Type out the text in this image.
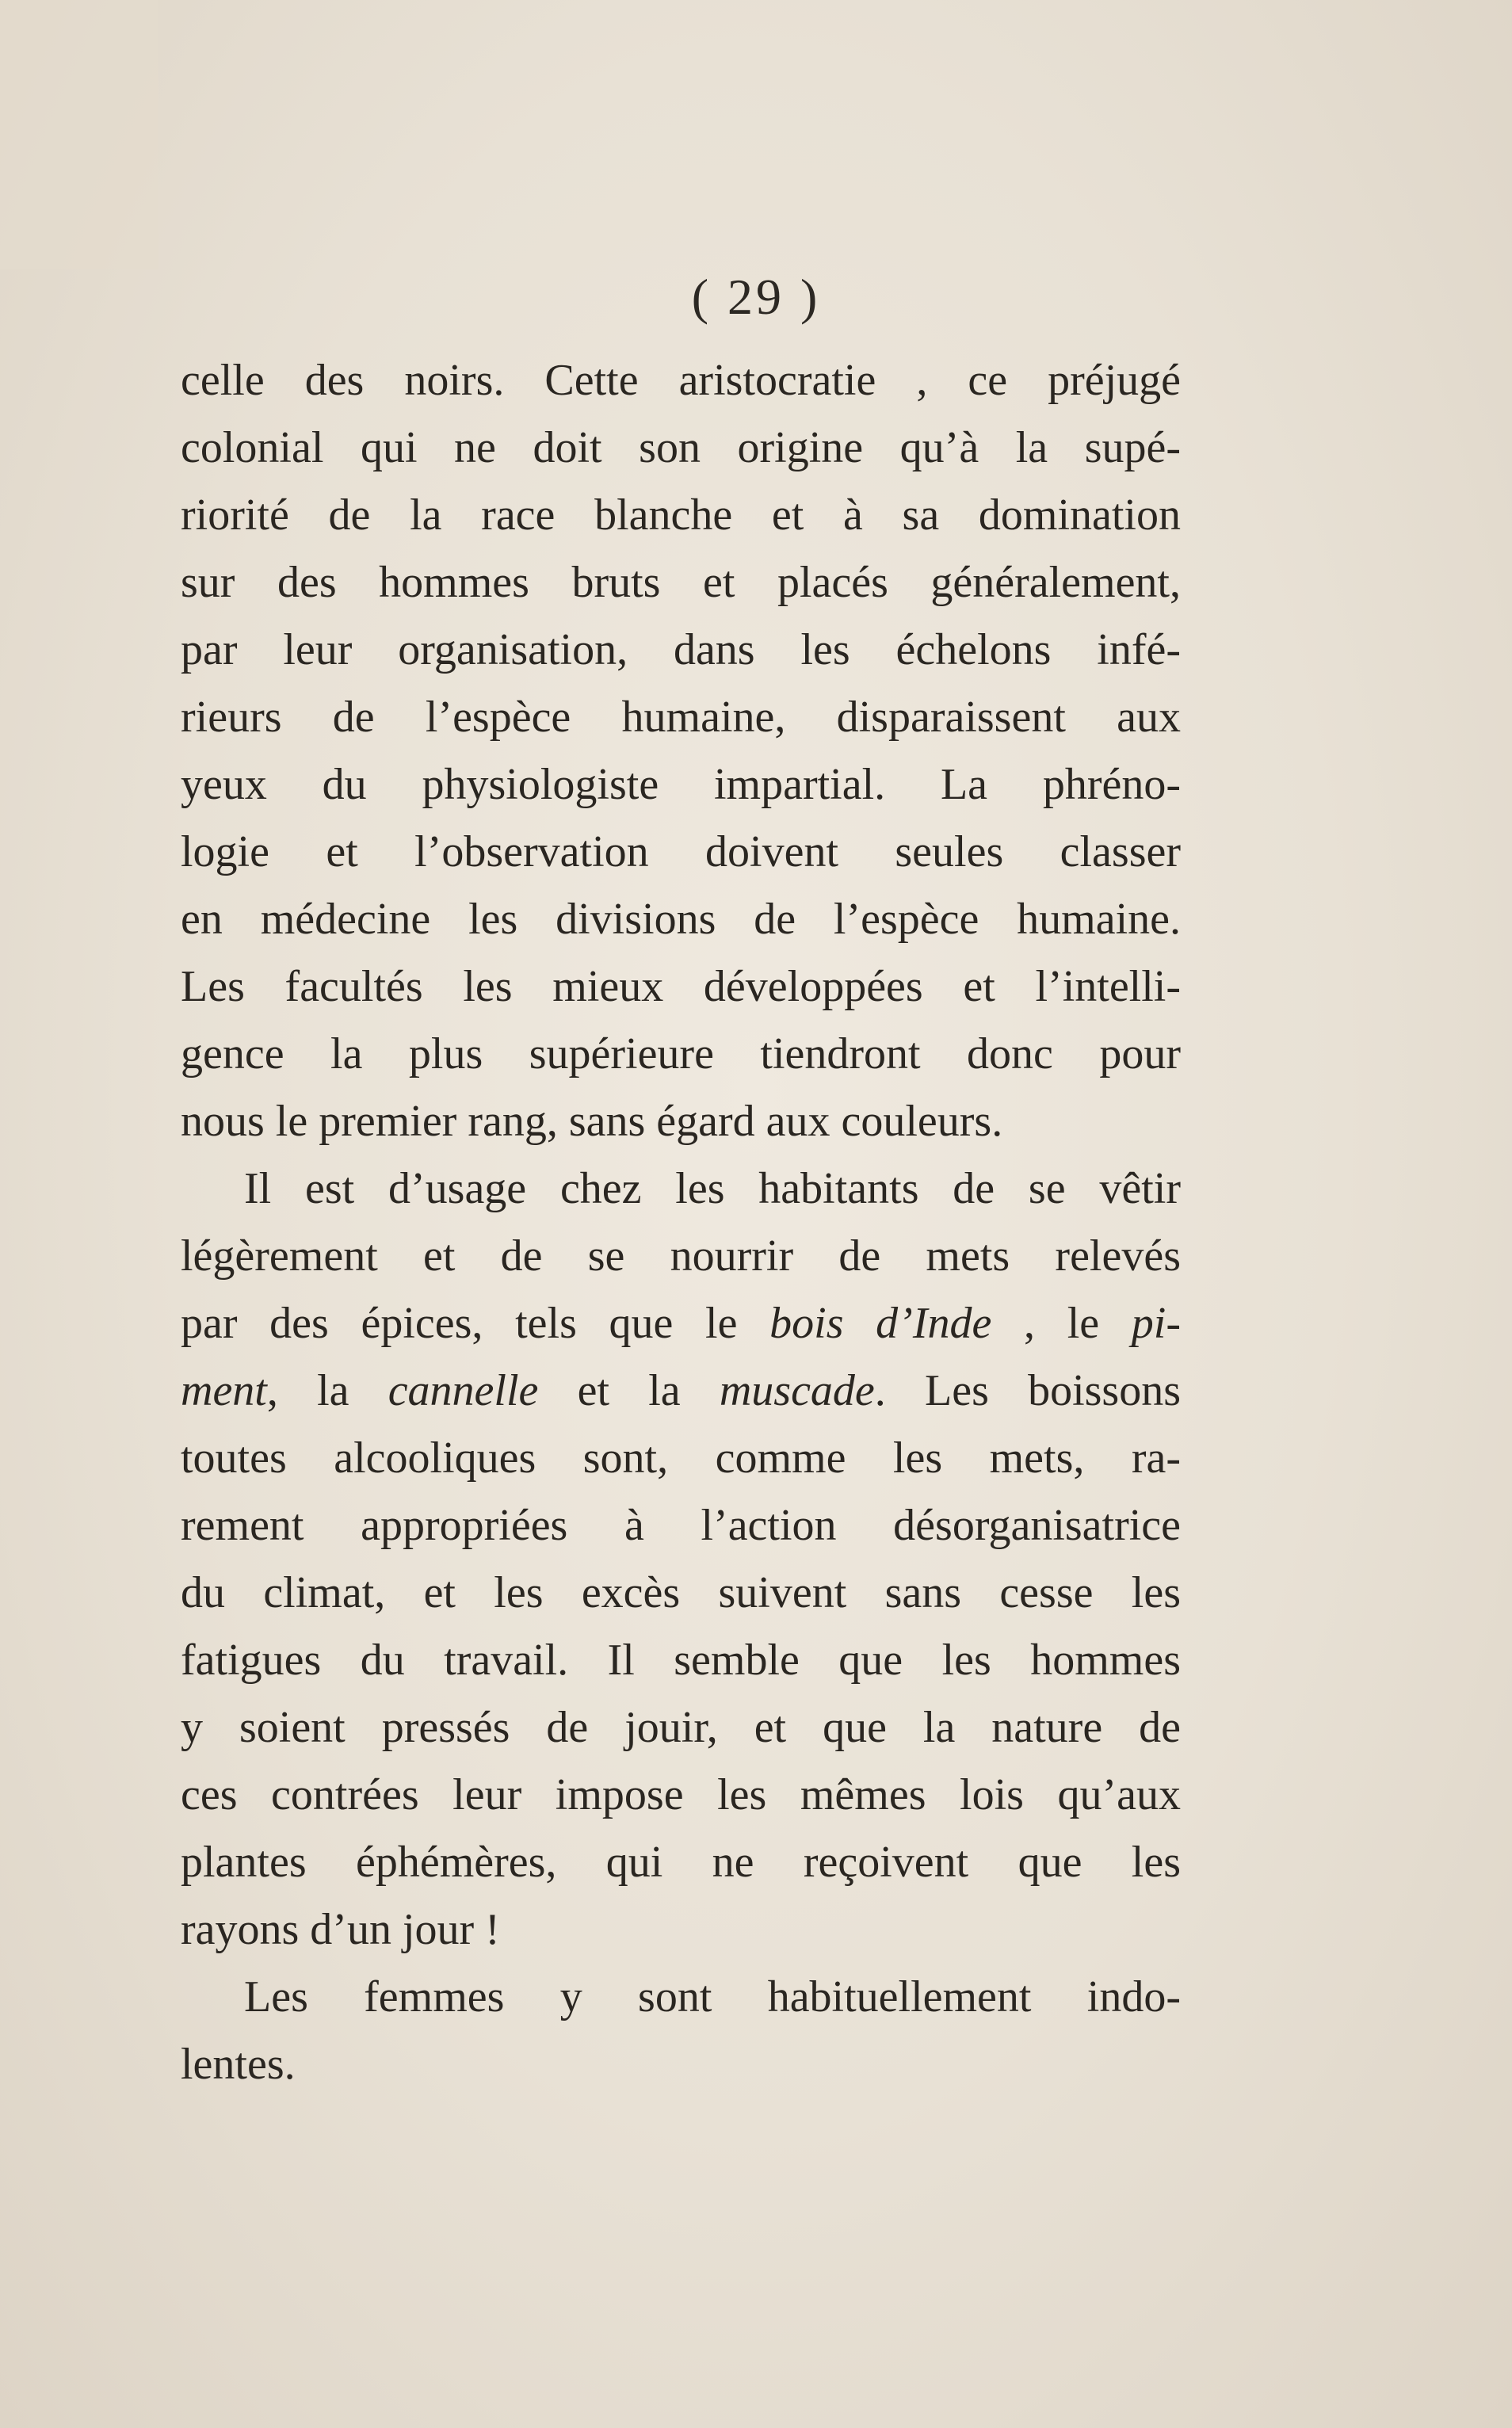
( 29 )
celle des noirs. Cette aristocratie , ce préjugé
colonial qui ne doit son origine qu’à la supé-
riorité de la race blanche et à sa domination
sur des hommes bruts et placés généralement,
par leur organisation, dans les échelons infé-
rieurs de l’espèce humaine, disparaissent aux
yeux du physiologiste impartial. La phréno-
logie et l’observation doivent seules classer
en médecine les divisions de l’espèce humaine.
Les facultés les mieux développées et l’intelli-
gence la plus supérieure tiendront donc pour
nous le premier rang, sans égard aux couleurs.
Il est d’usage chez les habitants de se vêtir
légèrement et de se nourrir de mets relevés
par des épices, tels que le bois d’Inde , le pi-
ment, la cannelle et la muscade. Les boissons
toutes alcooliques sont, comme les mets, ra-
rement appropriées à l’action désorganisatrice
du climat, et les excès suivent sans cesse les
fatigues du travail. Il semble que les hommes
y soient pressés de jouir, et que la nature de
ces contrées leur impose les mêmes lois qu’aux
plantes éphémères, qui ne reçoivent que les
rayons d’un jour !
Les femmes y sont habituellement indo-
lentes.
